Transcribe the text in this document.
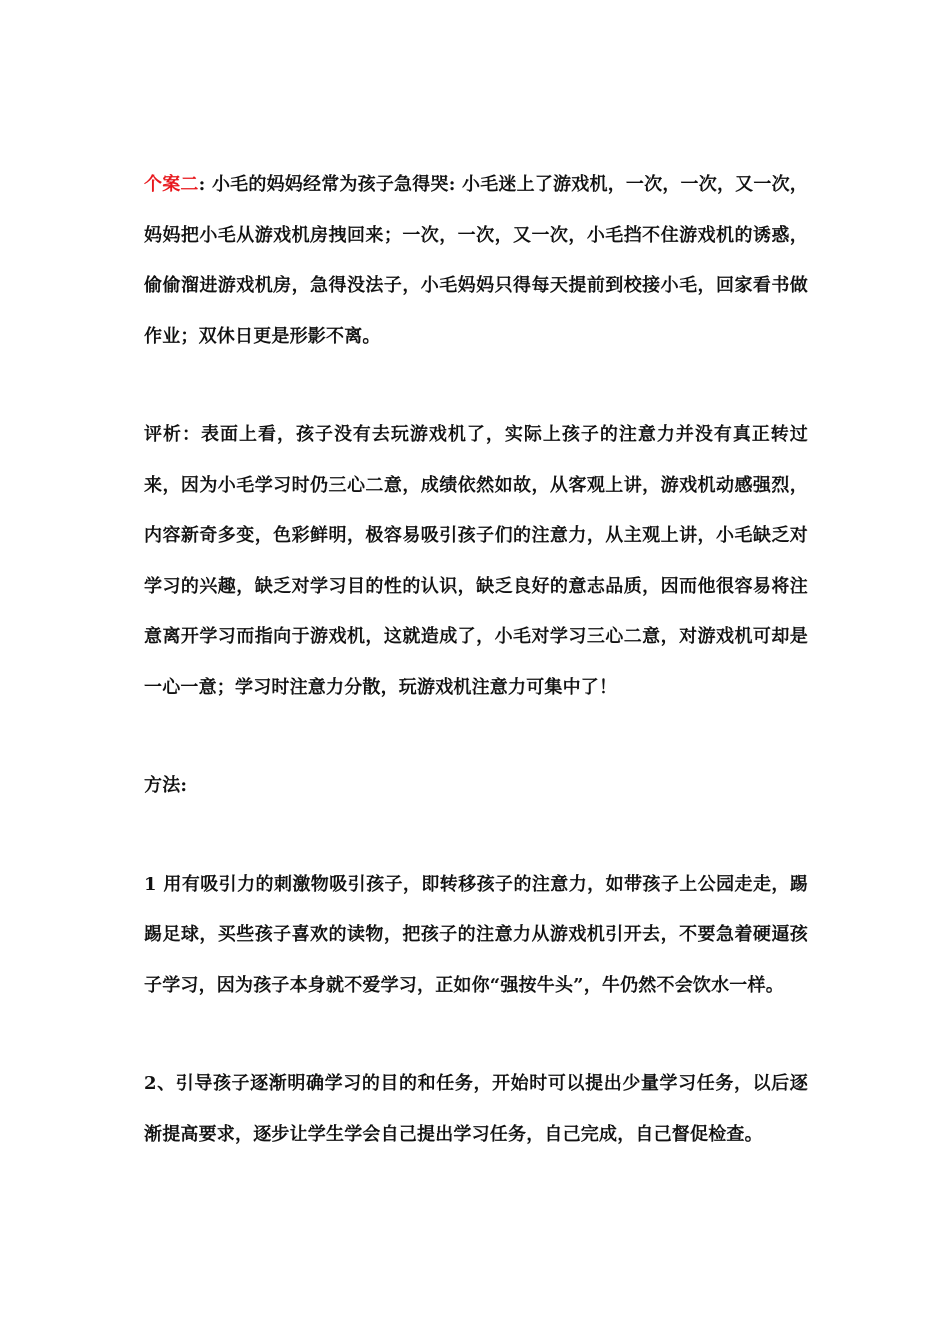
个案二: 小毛的妈妈经常为孩子急得哭: 小毛迷上了游戏机，一次，一次，又一次，妈妈把小毛从游戏机房拽回来；一次，一次，又一次，小毛挡不住游戏机的诱惑，偷偷溜进游戏机房，急得没法子，小毛妈妈只得每天提前到校接小毛，回家看书做作业；双休日更是形影不离。

评析：表面上看，孩子没有去玩游戏机了，实际上孩子的注意力并没有真正转过来，因为小毛学习时仍三心二意，成绩依然如故，从客观上讲，游戏机动感强烈，内容新奇多变，色彩鲜明，极容易吸引孩子们的注意力，从主观上讲，小毛缺乏对学习的兴趣，缺乏对学习目的性的认识，缺乏良好的意志品质，因而他很容易将注意离开学习而指向于游戏机，这就造成了，小毛对学习三心二意，对游戏机可却是一心一意；学习时注意力分散，玩游戏机注意力可集中了！

方法:

1 用有吸引力的刺激物吸引孩子，即转移孩子的注意力，如带孩子上公园走走，踢踢足球，买些孩子喜欢的读物，把孩子的注意力从游戏机引开去，不要急着硬逼孩子学习，因为孩子本身就不爱学习，正如你“强按牛头”，牛仍然不会饮水一样。

2、引导孩子逐渐明确学习的目的和任务，开始时可以提出少量学习任务，以后逐渐提高要求，逐步让学生学会自己提出学习任务，自己完成，自己督促检查。
